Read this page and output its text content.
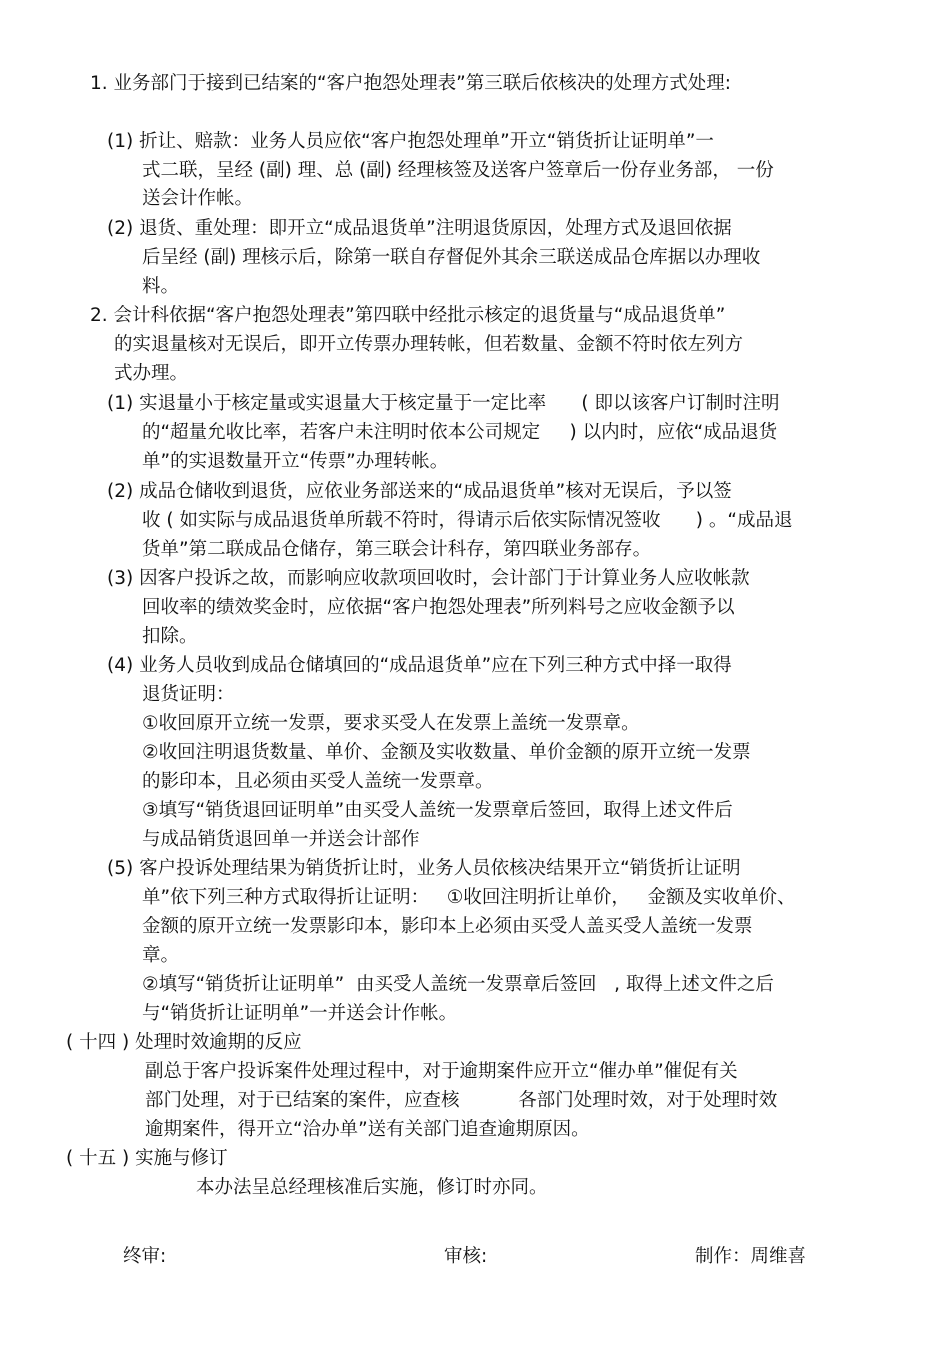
1. 业务部门于接到已结案的“客户抱怨处理表”第三联后依核决的处理方式处理:

(1) 折让、赔款：业务人员应依“客户抱怨处理单”开立“销货折让证明单”一

式二联，呈经 (副) 理、总 (副) 经理核签及送客户签章后一份存业务部， 一份

送会计作帐。

(2) 退货、重处理：即开立“成品退货单”注明退货原因，处理方式及退回依据

后呈经 (副) 理核示后，除第一联自存督促外其余三联送成品仓库据以办理收

料。

2. 会计科依据“客户抱怨处理表”第四联中经批示核定的退货量与“成品退货单”

的实退量核对无误后，即开立传票办理转帐，但若数量、金额不符时依左列方

式办理。

(1) 实退量小于核定量或实退量大于核定量于一定比率      ( 即以该客户订制时注明

的“超量允收比率，若客户未注明时依本公司规定     ) 以内时，应依“成品退货

单”的实退数量开立“传票”办理转帐。

(2) 成品仓储收到退货，应依业务部送来的“成品退货单”核对无误后，予以签

收 ( 如实际与成品退货单所载不符时，得请示后依实际情况签收      ) 。“成品退

货单”第二联成品仓储存，第三联会计科存，第四联业务部存。

(3) 因客户投诉之故，而影响应收款项回收时，会计部门于计算业务人应收帐款

回收率的绩效奖金时，应依据“客户抱怨处理表”所列料号之应收金额予以

扣除。

(4) 业务人员收到成品仓储填回的“成品退货单”应在下列三种方式中择一取得

退货证明：

①收回原开立统一发票，要求买受人在发票上盖统一发票章。

②收回注明退货数量、单价、金额及实收数量、单价金额的原开立统一发票

的影印本，且必须由买受人盖统一发票章。

③填写“销货退回证明单”由买受人盖统一发票章后签回，取得上述文件后

与成品销货退回单一并送会计部作

(5) 客户投诉处理结果为销货折让时，业务人员依核决结果开立“销货折让证明

单”依下列三种方式取得折让证明：   ①收回注明折让单价，   金额及实收单价、

金额的原开立统一发票影印本，影印本上必须由买受人盖买受人盖统一发票

章。

②填写“销货折让证明单”  由买受人盖统一发票章后签回   , 取得上述文件之后

与“销货折让证明单”一并送会计作帐。

( 十四 ) 处理时效逾期的反应

副总于客户投诉案件处理过程中，对于逾期案件应开立“催办单”催促有关

部门处理，对于已结案的案件，应查核          各部门处理时效，对于处理时效

逾期案件，得开立“洽办单”送有关部门追查逾期原因。

( 十五 ) 实施与修订

本办法呈总经理核准后实施，修订时亦同。

终审:	审核:	制作：周维喜
